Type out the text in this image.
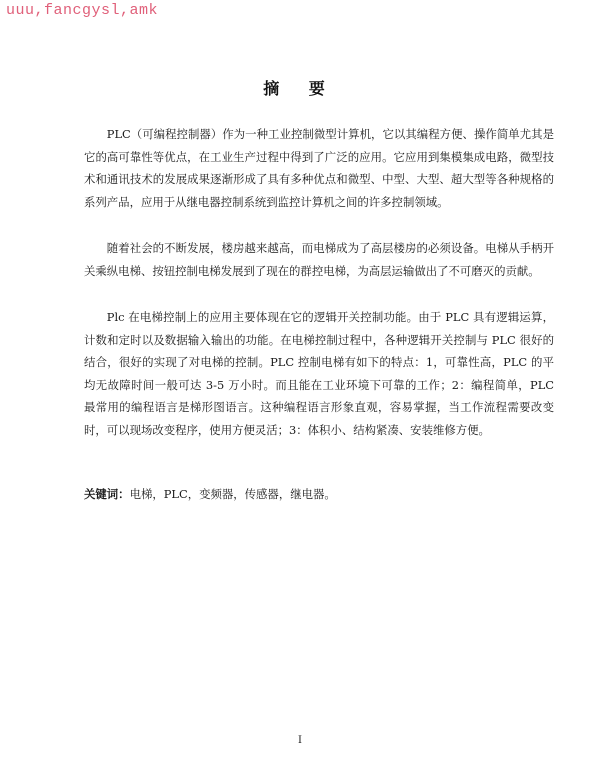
uuu,fancgysl,amk
摘 要

PLC（可编程控制器）作为一种工业控制微型计算机，它以其编程方便、操作简单尤其是它的高可靠性等优点，在工业生产过程中得到了广泛的应用。它应用到集模集成电路，微型技术和通讯技术的发展成果逐渐形成了具有多种优点和微型、中型、大型、超大型等各种规格的系列产品，应用于从继电器控制系统到监控计算机之间的许多控制领域。

随着社会的不断发展，楼房越来越高，而电梯成为了高层楼房的必须设备。电梯从手柄开关乘纵电梯、按钮控制电梯发展到了现在的群控电梯，为高层运输做出了不可磨灭的贡献。

Plc 在电梯控制上的应用主要体现在它的逻辑开关控制功能。由于 PLC 具有逻辑运算，计数和定时以及数据输入输出的功能。在电梯控制过程中，各种逻辑开关控制与 PLC 很好的结合，很好的实现了对电梯的控制。PLC 控制电梯有如下的特点：1，可靠性高，PLC 的平均无故障时间一般可达 3-5 万小时。而且能在工业环境下可靠的工作；2：编程简单，PLC 最常用的编程语言是梯形图语言。这种编程语言形象直观，容易掌握，当工作流程需要改变时，可以现场改变程序，使用方便灵活；3：体积小、结构紧凑、安装维修方便。

关键词：电梯，PLC，变频器，传感器，继电器。
I
